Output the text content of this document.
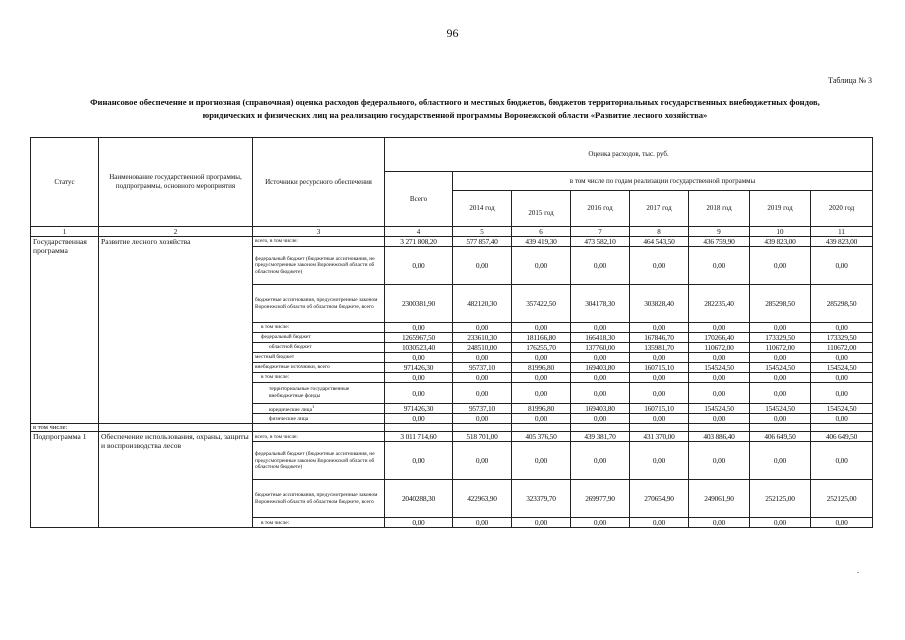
96
Таблица № 3
Финансовое обеспечение и прогнозная (справочная) оценка расходов федерального, областного и местных бюджетов, бюджетов территориальных государственных внебюджетных фондов,
юридических и физических лиц на реализацию государственной программы Воронежской области «Развитие лесного хозяйства»
Статус	Наименование государственной программы, подпрограммы, основного мероприятия	Источники ресурсного обеспечения	Оценка расходов, тыс. руб.							
			Всего	в том числе по годам реализации государственной программы						
				2014 год	2015 год	2016 год	2017 год	2018 год	2019 год	2020 год
1	2	3	4	5	6	7	8	9	10	11
Государственная программа	Развитие лесного хозяйства	всего, в том числе:	3 271 808,20	577 857,40	439 419,30	473 582,10	464 543,50	436 759,90	439 823,00	439 823,00
		федеральный бюджет (бюджетные ассигнования, не предусмотренные законом Воронежской области об областном бюджете)	0,00	0,00	0,00	0,00	0,00	0,00	0,00	0,00
		бюджетные ассигнования, предусмотренные законом Воронежской области об областном бюджете, всего	2300381,90	482120,30	357422,50	304178,30	303828,40	282235,40	285298,50	285298,50
		в том числе:	0,00	0,00	0,00	0,00	0,00	0,00	0,00	0,00
		федеральный бюджет	1265967,50	233610,30	181166,80	166418,30	167846,70	170266,40	173329,50	173329,50
		областной бюджет	1030523,40	248510,00	176255,70	137760,00	135981,70	110672,00	110672,00	110672,00
		местный бюджет	0,00	0,00	0,00	0,00	0,00	0,00	0,00	0,00
		внебюджетные источники, всего	971426,30	95737,10	81996,80	169403,80	160715,10	154524,50	154524,50	154524,50
		в том числе:	0,00	0,00	0,00	0,00	0,00	0,00	0,00	0,00
		территориальные государственные внебюджетные фонды	0,00	0,00	0,00	0,00	0,00	0,00	0,00	0,00
		юридические лица$^1$	971426,30	95737,10	81996,80	169403,80	160715,10	154524,50	154524,50	154524,50
		физические лица	0,00	0,00	0,00	0,00	0,00	0,00	0,00	0,00
в том числе:										
Подпрограмма 1	Обеспечение использования, охраны, защиты и воспроизводства лесов	всего, в том числе:	3 011 714,60	518 701,00	405 376,50	439 381,70	431 370,00	403 886,40	406 649,50	406 649,50
		федеральный бюджет (бюджетные ассигнования, не предусмотренные законом Воронежской области об областном бюджете)	0,00	0,00	0,00	0,00	0,00	0,00	0,00	0,00
		бюджетные ассигнования, предусмотренные законом Воронежской области об областном бюджете, всего	2040288,30	422963,90	323379,70	269977,90	270654,90	249061,90	252125,00	252125,00
		в том числе:	0,00	0,00	0,00	0,00	0,00	0,00	0,00	0,00
.
